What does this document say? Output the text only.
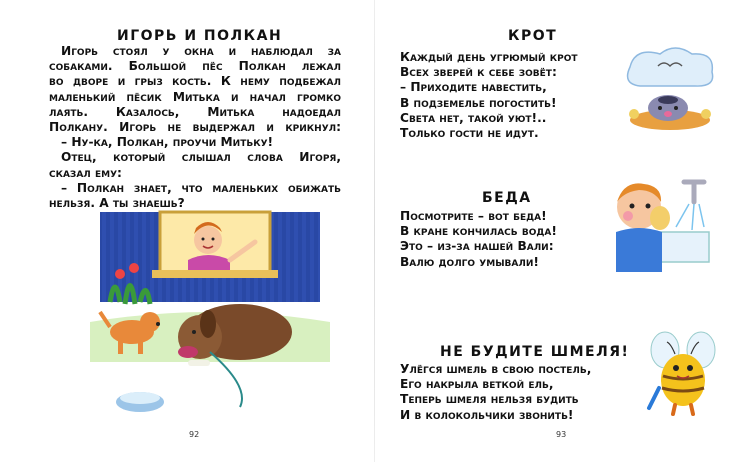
ИГОРЬ И ПОЛКАН
Игорь стоял у окна и наблюдал за
собаками. Большой пёс Полкан лежал
во дворе и грыз кость. К нему подбежал
маленький пёсик Митька и начал громко
лаять. Казалось, Митька надоедал
Полкану. Игорь не выдержал и крикнул:
– Ну-ка, Полкан, проучи Митьку!
Отец, который слышал слова Игоря,
сказал ему:
– Полкан знает, что маленьких обижать
нельзя. А ты знаешь?
92
КРОТ
Каждый день угрюмый крот
Всех зверей к себе зовёт:
– Приходите навестить,
В подземелье погостить!
Света нет, такой уют!..
Только гости не идут.
БЕДА
Посмотрите – вот беда!
В кране кончилась вода!
Это – из-за нашей Вали:
Валю долго умывали!
НЕ БУДИТЕ ШМЕЛЯ!
Улёгся шмель в свою постель,
Его накрыла веткой ель,
Теперь шмеля нельзя будить
И в колокольчики звонить!
93
